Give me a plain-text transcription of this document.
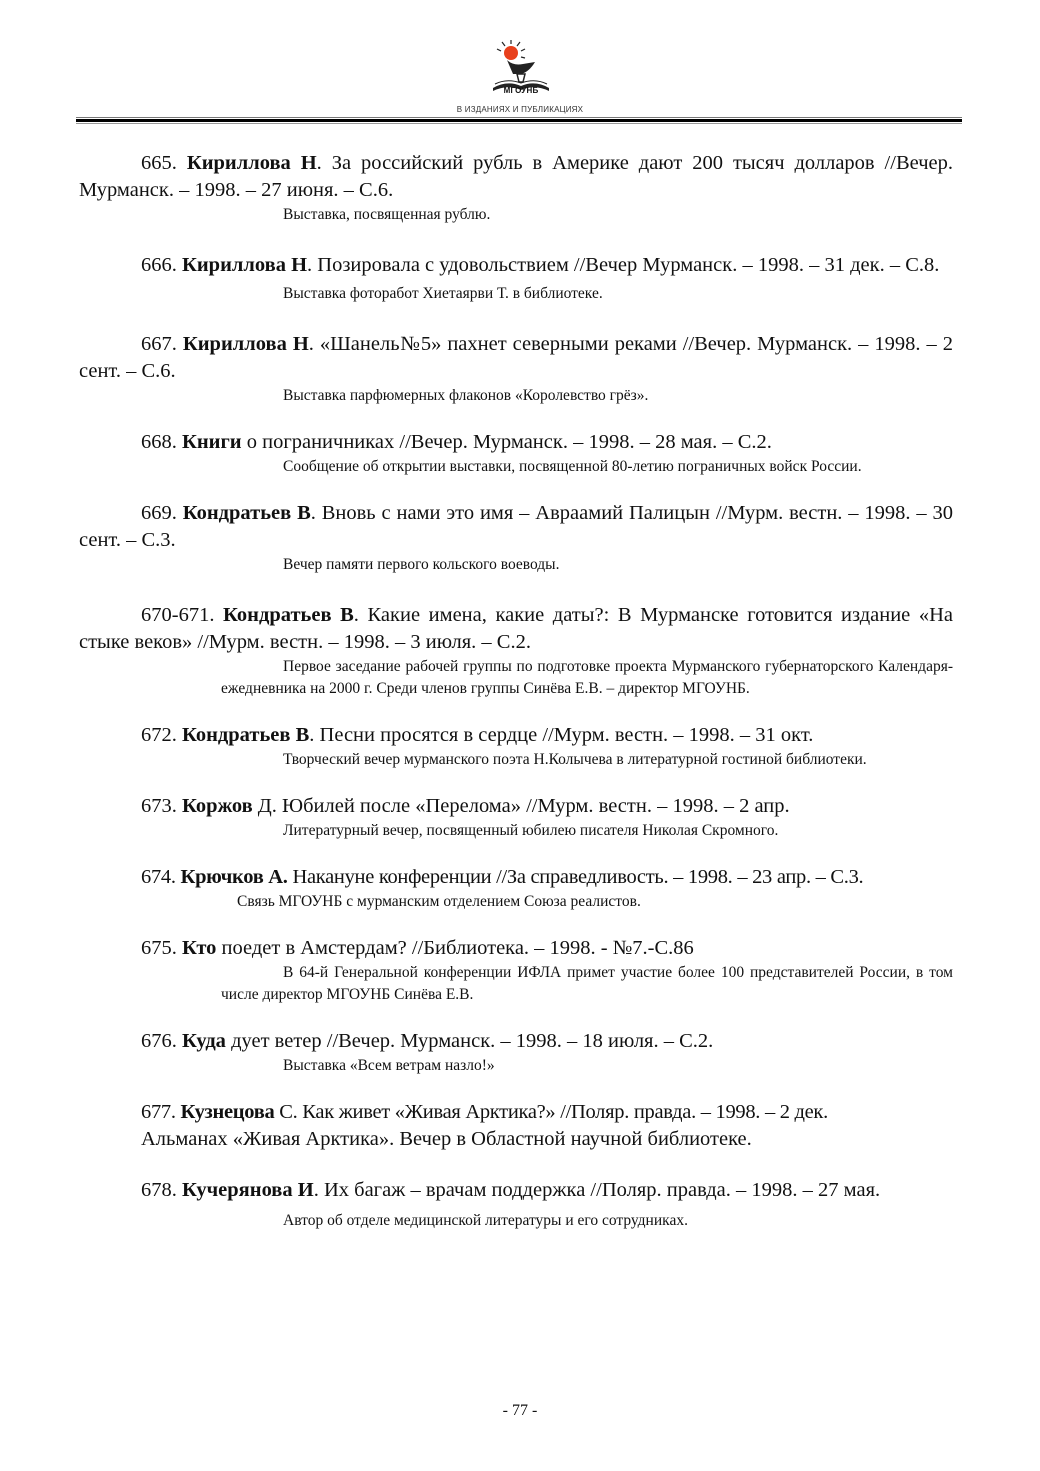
МГОУНБ
В ИЗДАНИЯХ И ПУБЛИКАЦИЯХ

665. Кириллова Н. За российский рубль в Америке дают 200 тысяч долларов //Вечер. Мурманск. – 1998. – 27 июня. – С.6.

Выставка, посвященная рублю.

666. Кириллова Н. Позировала с удовольствием //Вечер Мурманск. – 1998. – 31 дек. – С.8.

Выставка фоторабот Хиетаярви Т. в библиотеке.

667. Кириллова Н. «Шанель№5» пахнет северными реками //Вечер. Мурманск. – 1998. – 2 сент. – С.6.

Выставка парфюмерных флаконов «Королевство грёз».

668. Книги о пограничниках //Вечер. Мурманск. – 1998. – 28 мая. – С.2.

Сообщение об открытии выставки, посвященной 80-летию пограничных войск России.

669. Кондратьев В. Вновь с нами это имя – Авраамий Палицын //Мурм. вестн. – 1998. – 30 сент. – С.3.

Вечер памяти первого кольского воеводы.

670-671. Кондратьев В. Какие имена, какие даты?: В Мурманске готовится издание «На стыке веков» //Мурм. вестн. – 1998. – 3 июля. – С.2.

Первое заседание рабочей группы по подготовке проекта Мурманского губернаторского Календаря-ежедневника на 2000 г. Среди членов группы Синёва Е.В. – директор МГОУНБ.

672. Кондратьев В. Песни просятся в сердце //Мурм. вестн. – 1998. – 31 окт.

Творческий вечер мурманского поэта Н.Колычева в литературной гостиной библиотеки.

673. Коржов Д. Юбилей после «Перелома» //Мурм. вестн. – 1998. – 2 апр.

Литературный вечер, посвященный юбилею писателя Николая Скромного.

674. Крючков А. Накануне конференции //За справедливость. – 1998. – 23 апр. – С.3.

Связь МГОУНБ с мурманским отделением Союза реалистов.

675. Кто поедет в Амстердам? //Библиотека. – 1998. - №7.-С.86

В 64-й Генеральной конференции ИФЛА примет участие более 100 представителей России, в том числе директор МГОУНБ Синёва Е.В.

676. Куда дует ветер //Вечер. Мурманск. – 1998. – 18 июля. – С.2.

Выставка «Всем ветрам назло!»

677. Кузнецова С. Как живет «Живая Арктика?» //Поляр. правда. – 1998. – 2 дек.

Альманах «Живая Арктика». Вечер в Областной научной библиотеке.

678. Кучерянова И. Их багаж – врачам поддержка //Поляр. правда. – 1998. – 27 мая.

Автор об отделе медицинской литературы и его сотрудниках.

- 77 -
